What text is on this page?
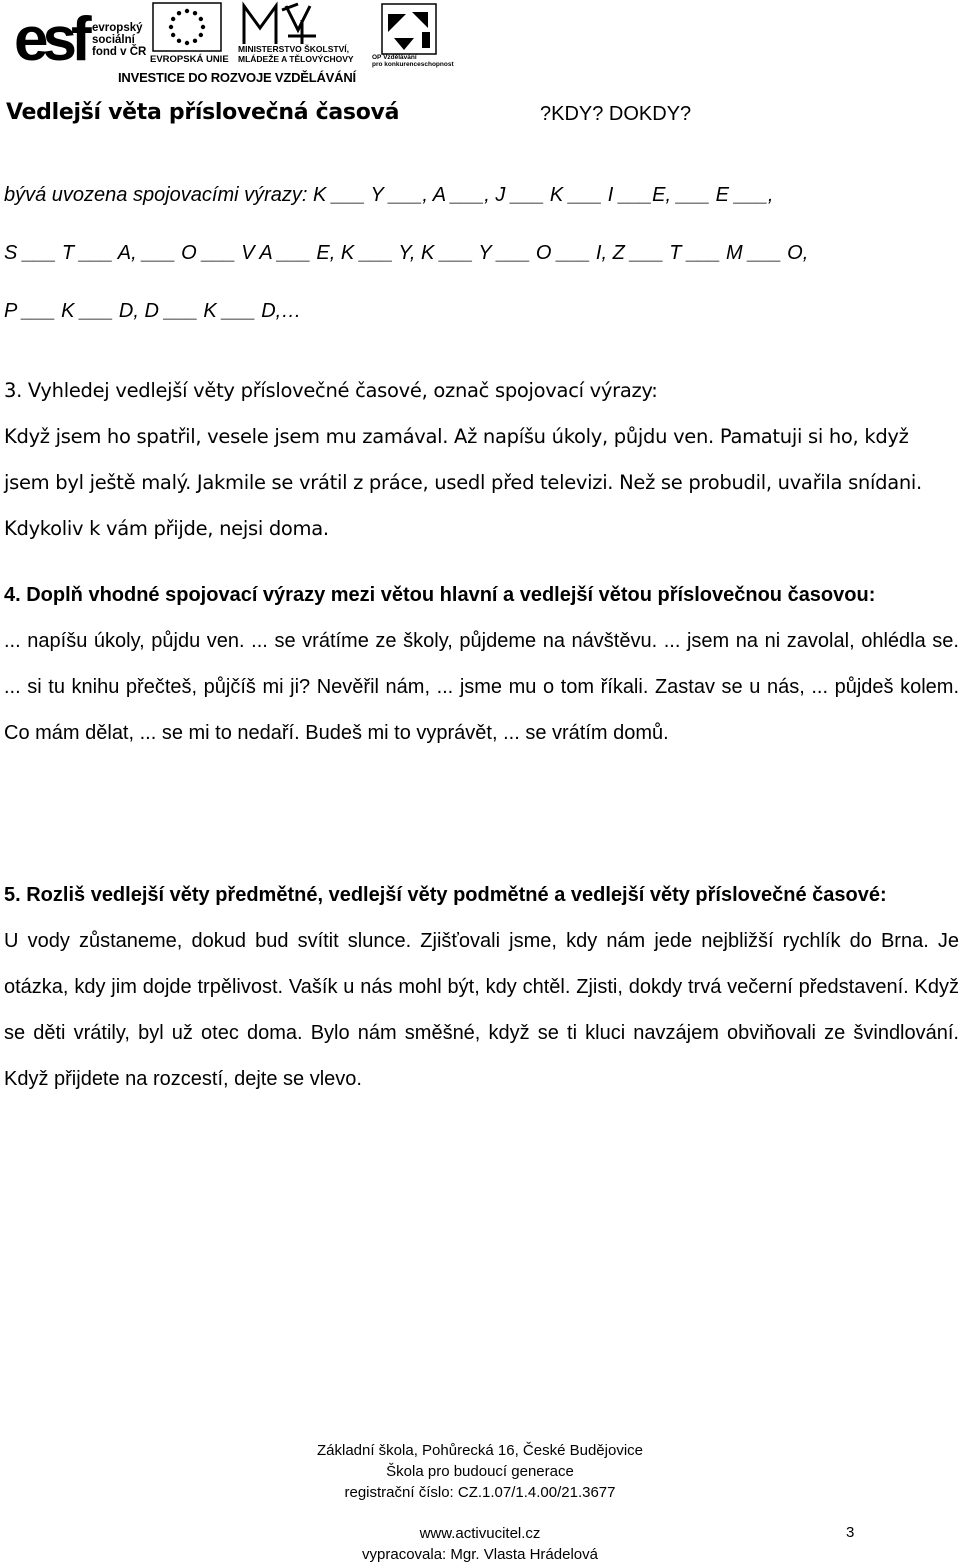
esf evropský
sociální
fond v ČR
EVROPSKÁ UNIE
MINISTERSTVO ŠKOLSTVÍ,
MLÁDEŽE A TĚLOVÝCHOVY	OP Vzdělávání
pro konkurenceschopnost
INVESTICE DO ROZVOJE VZDĚLÁVÁNÍ
Vedlejší věta příslovečná časová	?KDY? DOKDY?
bývá uvozena spojovacími výrazy: K ___ Y ___, A ___, J ___ K ___ I ___E, ___ E ___,
S ___ T ___ A, ___ O ___ V A ___ E, K ___ Y, K ___ Y ___ O ___ I, Z ___ T ___ M ___ O,
P ___ K ___ D, D ___ K ___ D,…
3. Vyhledej vedlejší věty příslovečné časové, označ spojovací výrazy:
Když jsem ho spatřil, vesele jsem mu zamával. Až napíšu úkoly, půjdu ven. Pamatuji si ho, když jsem byl ještě malý. Jakmile se vrátil z práce, usedl před televizi. Než se probudil, uvařila snídani. Kdykoliv k vám přijde, nejsi doma.
4. Doplň vhodné spojovací výrazy mezi větou hlavní a vedlejší větou příslovečnou časovou:
... napíšu úkoly, půjdu ven. ... se vrátíme ze školy, půjdeme na návštěvu. ... jsem na ni zavolal, ohlédla se. ... si tu knihu přečteš, půjčíš mi ji? Nevěřil nám, ... jsme mu o tom říkali. Zastav se u nás, ... půjdeš kolem. Co mám dělat, ... se mi to nedaří. Budeš mi to vyprávět, ... se vrátím domů.
5. Rozliš vedlejší věty předmětné, vedlejší věty podmětné a vedlejší věty příslovečné časové:
U vody zůstaneme, dokud bud svítit slunce. Zjišťovali jsme, kdy nám jede nejbližší rychlík do Brna. Je otázka, kdy jim dojde trpělivost. Vašík u nás mohl být, kdy chtěl. Zjisti, dokdy trvá večerní představení. Když se děti vrátily, byl už otec doma. Bylo nám směšné, když se ti kluci navzájem obviňovali ze švindlování. Když přijdete na rozcestí, dejte se vlevo.
Základní škola, Pohůrecká 16, České Budějovice
Škola pro budoucí generace
registrační číslo: CZ.1.07/1.4.00/21.3677
www.activucitel.cz
vypracovala: Mgr. Vlasta Hrádelová
3
